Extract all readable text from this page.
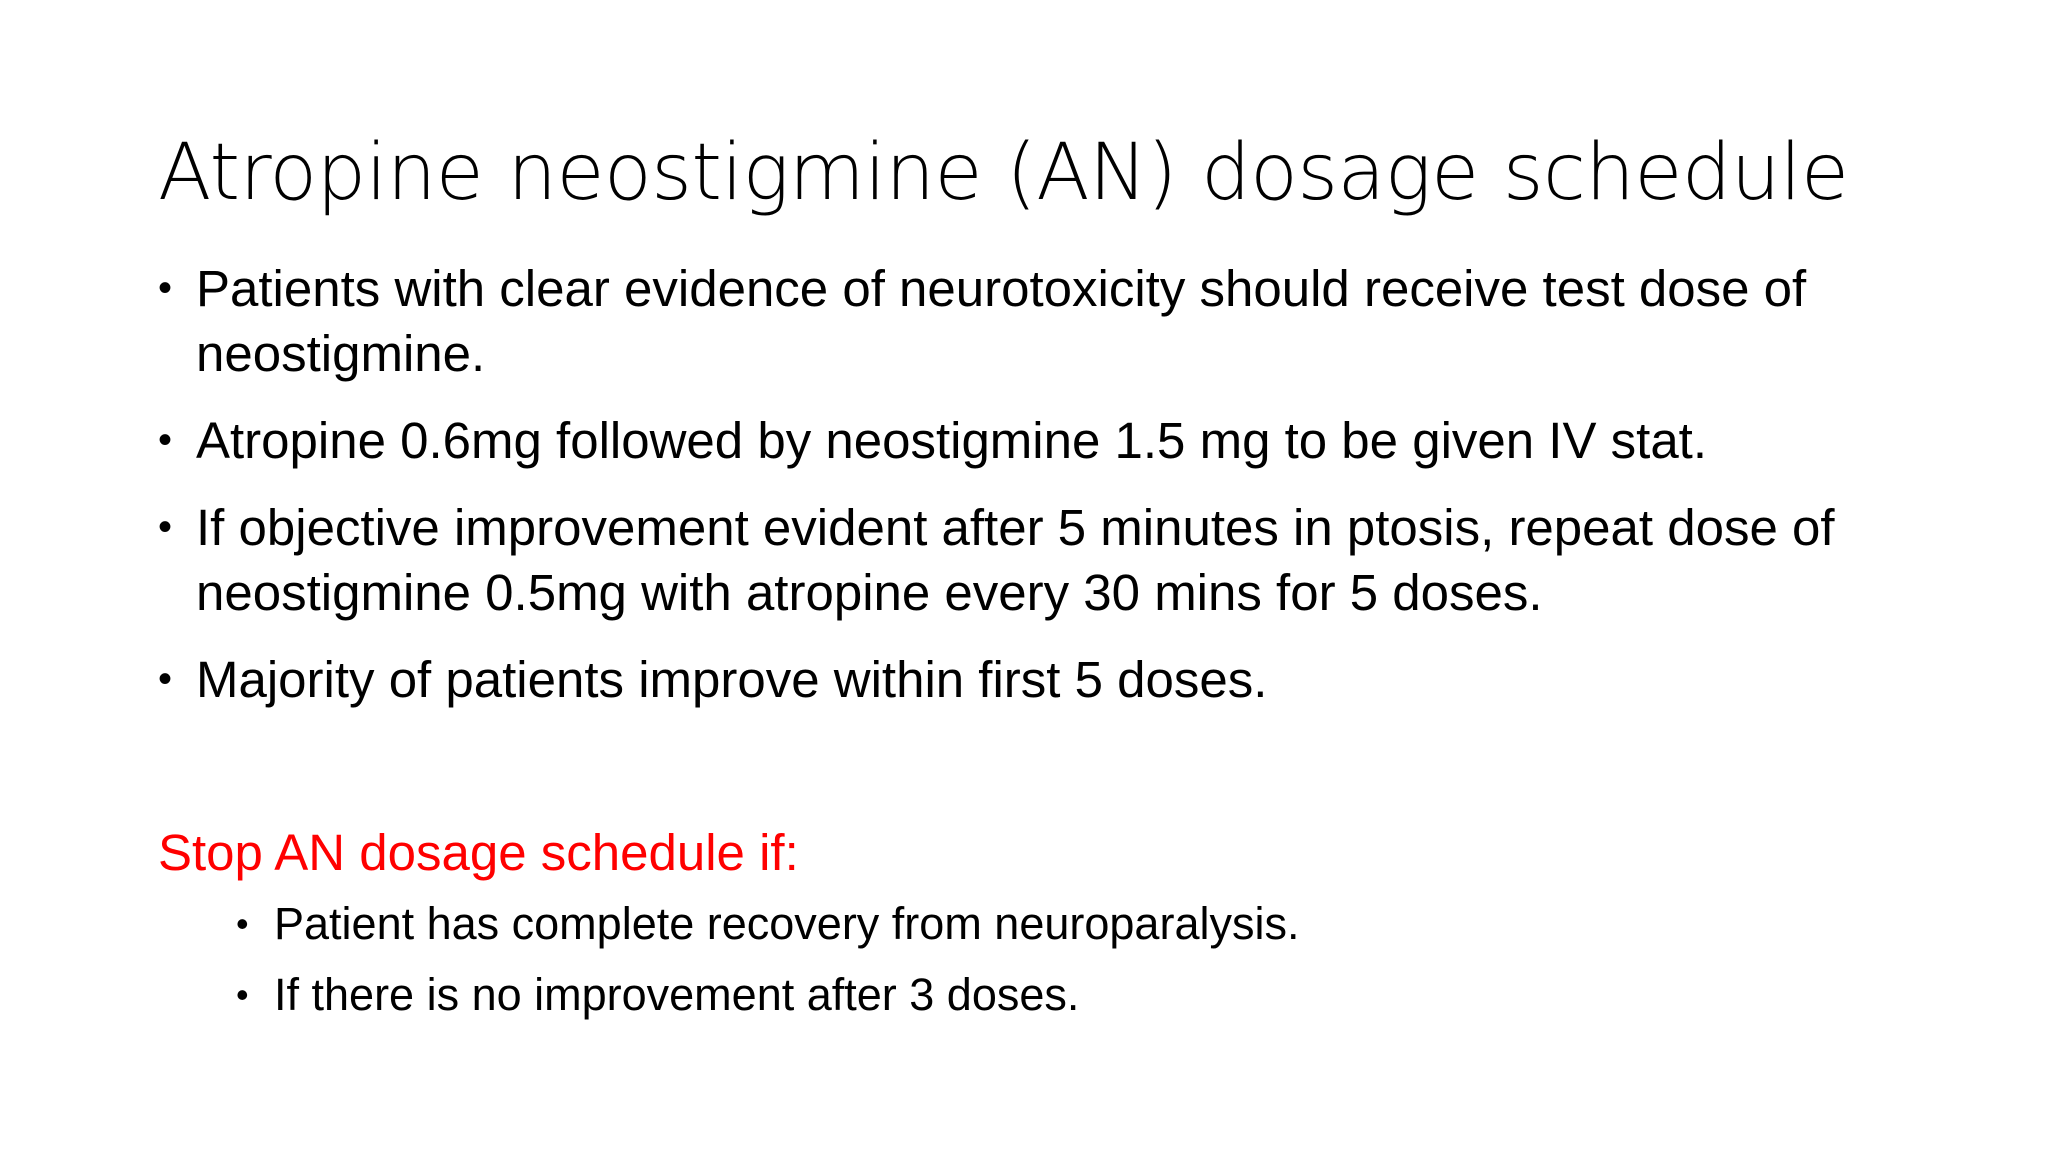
Atropine neostigmine (AN) dosage schedule
• Patients with clear evidence of neurotoxicity should receive test dose of neostigmine.
• Atropine 0.6mg followed by neostigmine 1.5 mg to be given IV stat.
• If objective improvement evident after 5 minutes in ptosis, repeat dose of neostigmine 0.5mg with atropine every 30 mins for 5 doses.
• Majority of patients improve within first 5 doses.

Stop AN dosage schedule if:

• Patient has complete recovery from neuroparalysis.
• If there is no improvement after 3 doses.
